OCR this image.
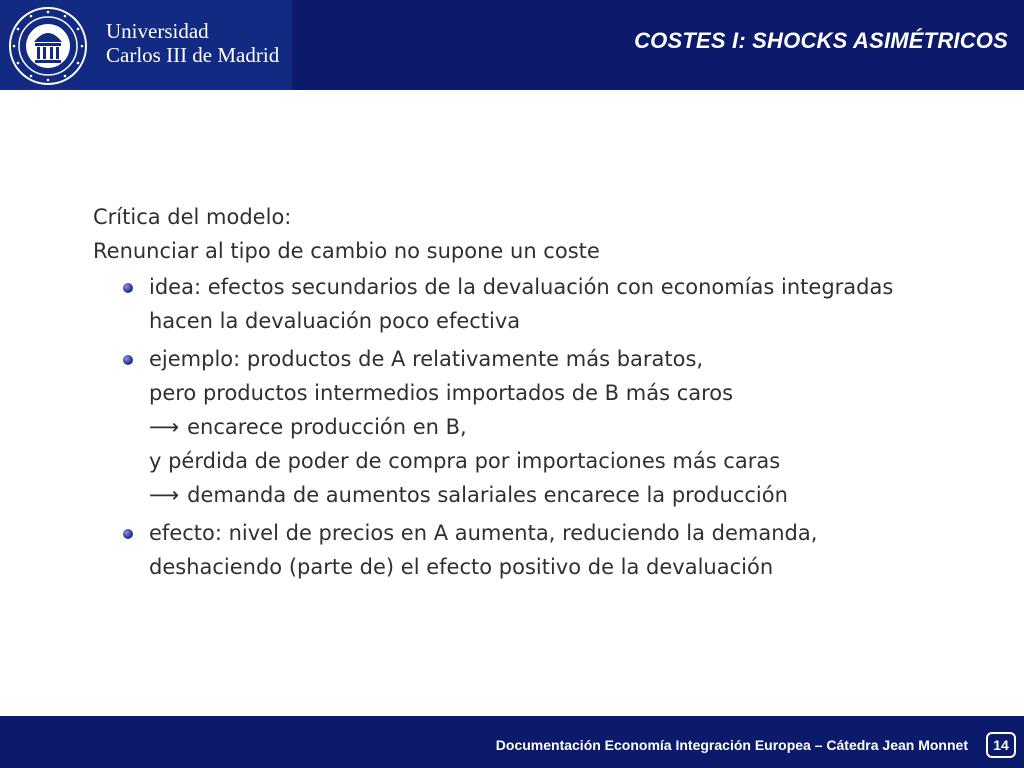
Universidad
Carlos III de Madrid
COSTES I: SHOCKS ASIMÉTRICOS
Crítica del modelo:
Renunciar al tipo de cambio no supone un coste
idea: efectos secundarios de la devaluación con economías integradas
hacen la devaluación poco efectiva
ejemplo: productos de A relativamente más baratos,
pero productos intermedios importados de B más caros
⟶ encarece producción en B,
y pérdida de poder de compra por importaciones más caras
⟶ demanda de aumentos salariales encarece la producción
efecto: nivel de precios en A aumenta, reduciendo la demanda,
deshaciendo (parte de) el efecto positivo de la devaluación
Documentación Economía Integración Europea – Cátedra Jean Monnet	14
